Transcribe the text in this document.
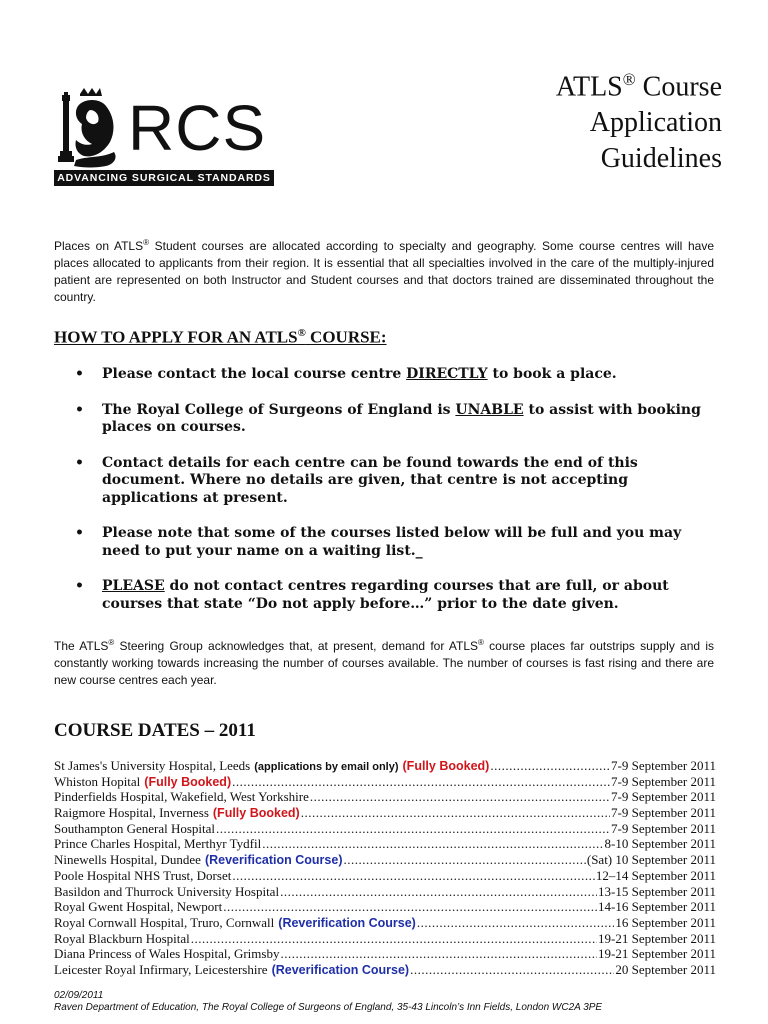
RCS
ADVANCING SURGICAL STANDARDS
ATLS® Course
Application
Guidelines

Places on ATLS® Student courses are allocated according to specialty and geography. Some course centres will have places allocated to applicants from their region. It is essential that all specialties involved in the care of the multiply-injured patient are represented on both Instructor and Student courses and that doctors trained are disseminated throughout the country.

HOW TO APPLY FOR AN ATLS® COURSE:
• Please contact the local course centre DIRECTLY to book a place.
• The Royal College of Surgeons of England is UNABLE to assist with booking places on courses.
• Contact details for each centre can be found towards the end of this document. Where no details are given, that centre is not accepting applications at present.
• Please note that some of the courses listed below will be full and you may need to put your name on a waiting list._
• PLEASE do not contact centres regarding courses that are full, or about courses that state “Do not apply before…” prior to the date given.

The ATLS® Steering Group acknowledges that, at present, demand for ATLS® course places far outstrips supply and is constantly working towards increasing the number of courses available. The number of courses is fast rising and there are new course centres each year.

COURSE DATES – 2011
St James's University Hospital, Leeds (applications by email only) (Fully Booked) .....	7-9 September 2011
Whiston Hopital (Fully Booked) .....	7-9 September 2011
Pinderfields Hospital, Wakefield, West Yorkshire .....	7-9 September 2011
Raigmore Hospital, Inverness (Fully Booked) .....	7-9 September 2011
Southampton General Hospital .....	7-9 September 2011
Prince Charles Hospital, Merthyr Tydfil .....	8-10 September 2011
Ninewells Hospital, Dundee (Reverification Course) .....	(Sat) 10 September 2011
Poole Hospital NHS Trust, Dorset .....	12–14 September 2011
Basildon and Thurrock University Hospital .....	13-15 September 2011
Royal Gwent Hospital, Newport .....	14-16 September 2011
Royal Cornwall Hospital, Truro, Cornwall (Reverification Course) .....	16 September 2011
Royal Blackburn Hospital .....	19-21 September 2011
Diana Princess of Wales Hospital, Grimsby .....	19-21 September 2011
Leicester Royal Infirmary, Leicestershire (Reverification Course) .....	20 September 2011
02/09/2011
Raven Department of Education, The Royal College of Surgeons of England, 35-43 Lincoln’s Inn Fields, London WC2A 3PE
